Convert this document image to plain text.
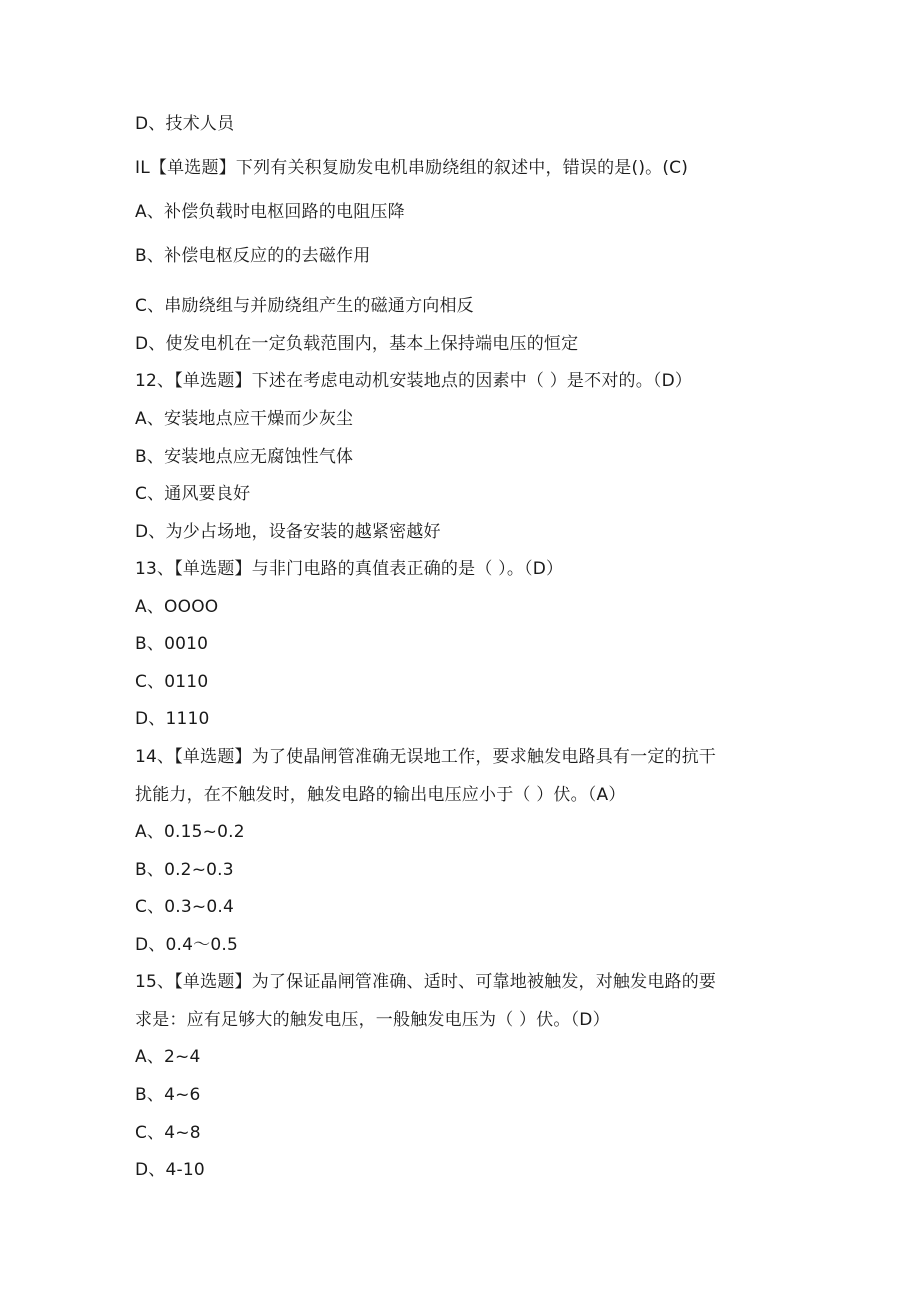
D、技术人员
IL【单选题】下列有关积复励发电机串励绕组的叙述中，错误的是()。(C)
A、补偿负载时电枢回路的电阻压降
B、补偿电枢反应的的去磁作用
C、串励绕组与并励绕组产生的磁通方向相反
D、使发电机在一定负载范围内，基本上保持端电压的恒定
12、【单选题】下述在考虑电动机安装地点的因素中（ ）是不对的。（D）
A、安装地点应干燥而少灰尘
B、安装地点应无腐蚀性气体
C、通风要良好
D、为少占场地，设备安装的越紧密越好
13、【单选题】与非门电路的真值表正确的是（ ）。（D）
A、OOOO
B、0010
C、0110
D、1110
14、【单选题】为了使晶闸管准确无误地工作，要求触发电路具有一定的抗干
扰能力，在不触发时，触发电路的输出电压应小于（ ）伏。（A）
A、0.15~0.2
B、0.2~0.3
C、0.3~0.4
D、0.4～0.5
15、【单选题】为了保证晶闸管准确、适时、可靠地被触发，对触发电路的要
求是：应有足够大的触发电压，一般触发电压为（ ）伏。（D）
A、2~4
B、4~6
C、4~8
D、4-10
